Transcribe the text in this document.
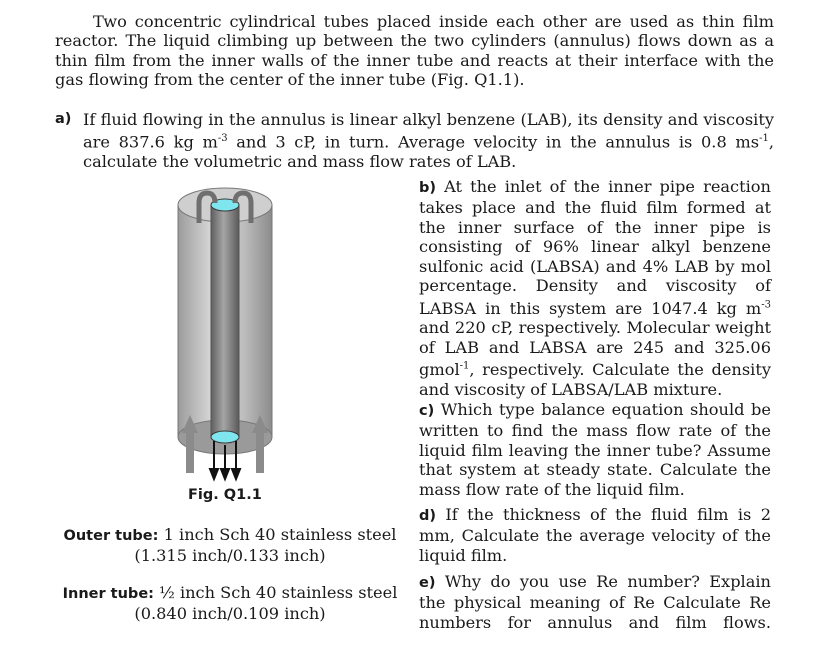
Two concentric cylindrical tubes placed inside each other are used as thin film reactor. The liquid climbing up between the two cylinders (annulus) flows down as a thin film from the inner walls of the inner tube and reacts at their interface with the gas flowing from the center of the inner tube (Fig. Q1.1).
a) If fluid flowing in the annulus is linear alkyl benzene (LAB), its density and viscosity are 837.6 kg $m^{-3}$ and 3 cP, in turn. Average velocity in the annulus is 0.8 $ms^{-1}$, calculate the volumetric and mass flow rates of LAB.
Fig. Q1.1
Outer tube: 1 inch Sch 40 stainless steel
(1.315 inch/0.133 inch)
Inner tube: ½ inch Sch 40 stainless steel
(0.840 inch/0.109 inch)
b) At the inlet of the inner pipe reaction takes place and the fluid film formed at the inner surface of the inner pipe is consisting of 96% linear alkyl benzene sulfonic acid (LABSA) and 4% LAB by mol percentage. Density and viscosity of LABSA in this system are 1047.4 kg $m^{-3}$ and 220 cP, respectively. Molecular weight of LAB and LABSA are 245 and 325.06 gmol$^{-1}$, respectively. Calculate the density and viscosity of LABSA/LAB mixture.
c) Which type balance equation should be written to find the mass flow rate of the liquid film leaving the inner tube? Assume that system at steady state. Calculate the mass flow rate of the liquid film.
d) If the thickness of the fluid film is 2 mm, Calculate the average velocity of the liquid film.
e) Why do you use Re number? Explain the physical meaning of Re Calculate Re numbers for annulus and film flows.
